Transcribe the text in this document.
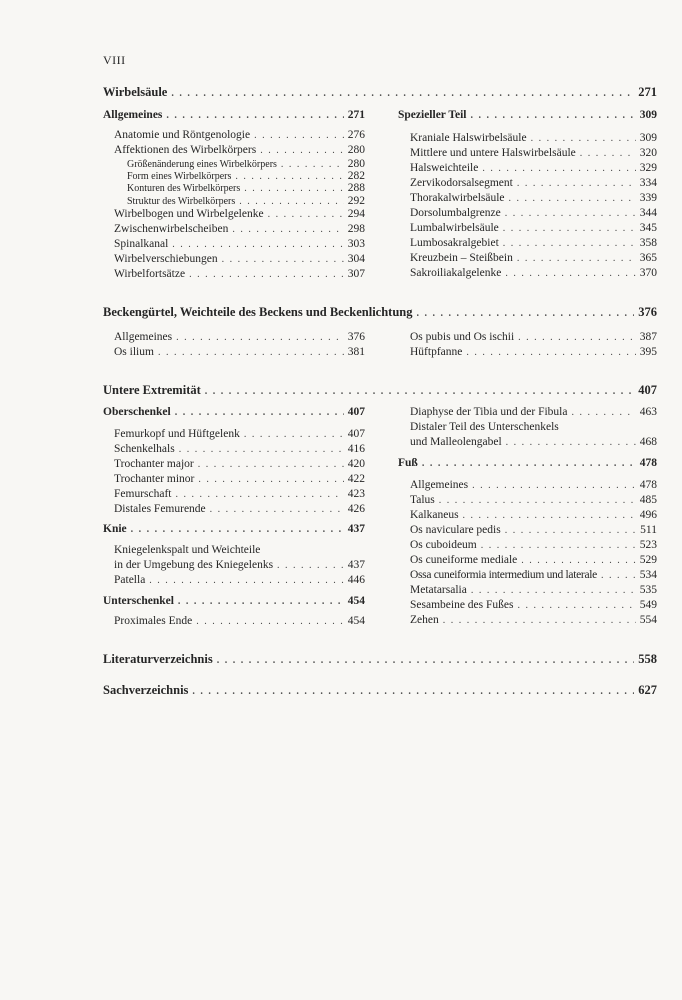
VIII
Wirbelsäule . . .	271
Allgemeines . . .	271
Anatomie und Röntgenologie . . .	276
Affektionen des Wirbelkörpers . . .	280
Größenänderung eines Wirbelkörpers . . .	280
Form eines Wirbelkörpers . . .	282
Konturen des Wirbelkörpers . . .	288
Struktur des Wirbelkörpers . . .	292
Wirbelbogen und Wirbelgelenke . . .	294
Zwischenwirbelscheiben . . .	298
Spinalkanal . . .	303
Wirbelverschiebungen . . .	304
Wirbelfortsätze . . .	307
Spezieller Teil . . .	309
Kraniale Halswirbelsäule . . .	309
Mittlere und untere Halswirbelsäule . . .	320
Halsweichteile . . .	329
Zervikodorsalsegment . . .	334
Thorakalwirbelsäule . . .	339
Dorsolumbalgrenze . . .	344
Lumbalwirbelsäule . . .	345
Lumbosakralgebiet . . .	358
Kreuzbein – Steißbein . . .	365
Sakroiliakalgelenke . . .	370
Beckengürtel, Weichteile des Beckens und Beckenlichtung . . .	376
Allgemeines . . .	376
Os ilium . . .	381
Os pubis und Os ischii . . .	387
Hüftpfanne . . .	395
Untere Extremität . . .	407
Oberschenkel . . .	407
Femurkopf und Hüftgelenk . . .	407
Schenkelhals . . .	416
Trochanter major . . .	420
Trochanter minor . . .	422
Femurschaft . . .	423
Distales Femurende . . .	426
Knie . . .	437
Kniegelenkspalt und Weichteile
in der Umgebung des Kniegelenks . . .	437
Patella . . .	446
Unterschenkel . . .	454
Proximales Ende . . .	454
Diaphyse der Tibia und der Fibula . . .	463
Distaler Teil des Unterschenkels
und Malleolengabel . . .	468
Fuß . . .	478
Allgemeines . . .	478
Talus . . .	485
Kalkaneus . . .	496
Os naviculare pedis . . .	511
Os cuboideum . . .	523
Os cuneiforme mediale . . .	529
Ossa cuneiformia intermedium und laterale . . .	534
Metatarsalia . . .	535
Sesambeine des Fußes . . .	549
Zehen . . .	554
Literaturverzeichnis . . .	558
Sachverzeichnis . . .	627
